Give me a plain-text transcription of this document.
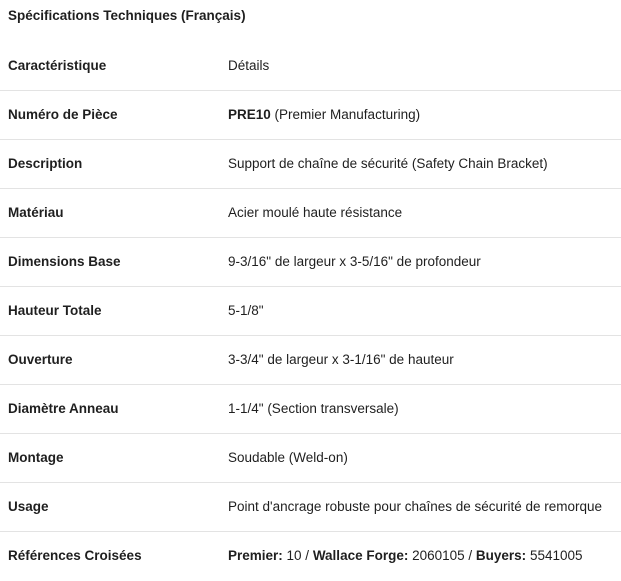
Spécifications Techniques (Français)
Caractéristique	Détails
Numéro de Pièce	PRE10 (Premier Manufacturing)
Description	Support de chaîne de sécurité (Safety Chain Bracket)
Matériau	Acier moulé haute résistance
Dimensions Base	9-3/16" de largeur x 3-5/16" de profondeur
Hauteur Totale	5-1/8"
Ouverture	3-3/4" de largeur x 3-1/16" de hauteur
Diamètre Anneau	1-1/4" (Section transversale)
Montage	Soudable (Weld-on)
Usage	Point d'ancrage robuste pour chaînes de sécurité de remorque
Références Croisées	Premier: 10 / Wallace Forge: 2060105 / Buyers: 5541005
